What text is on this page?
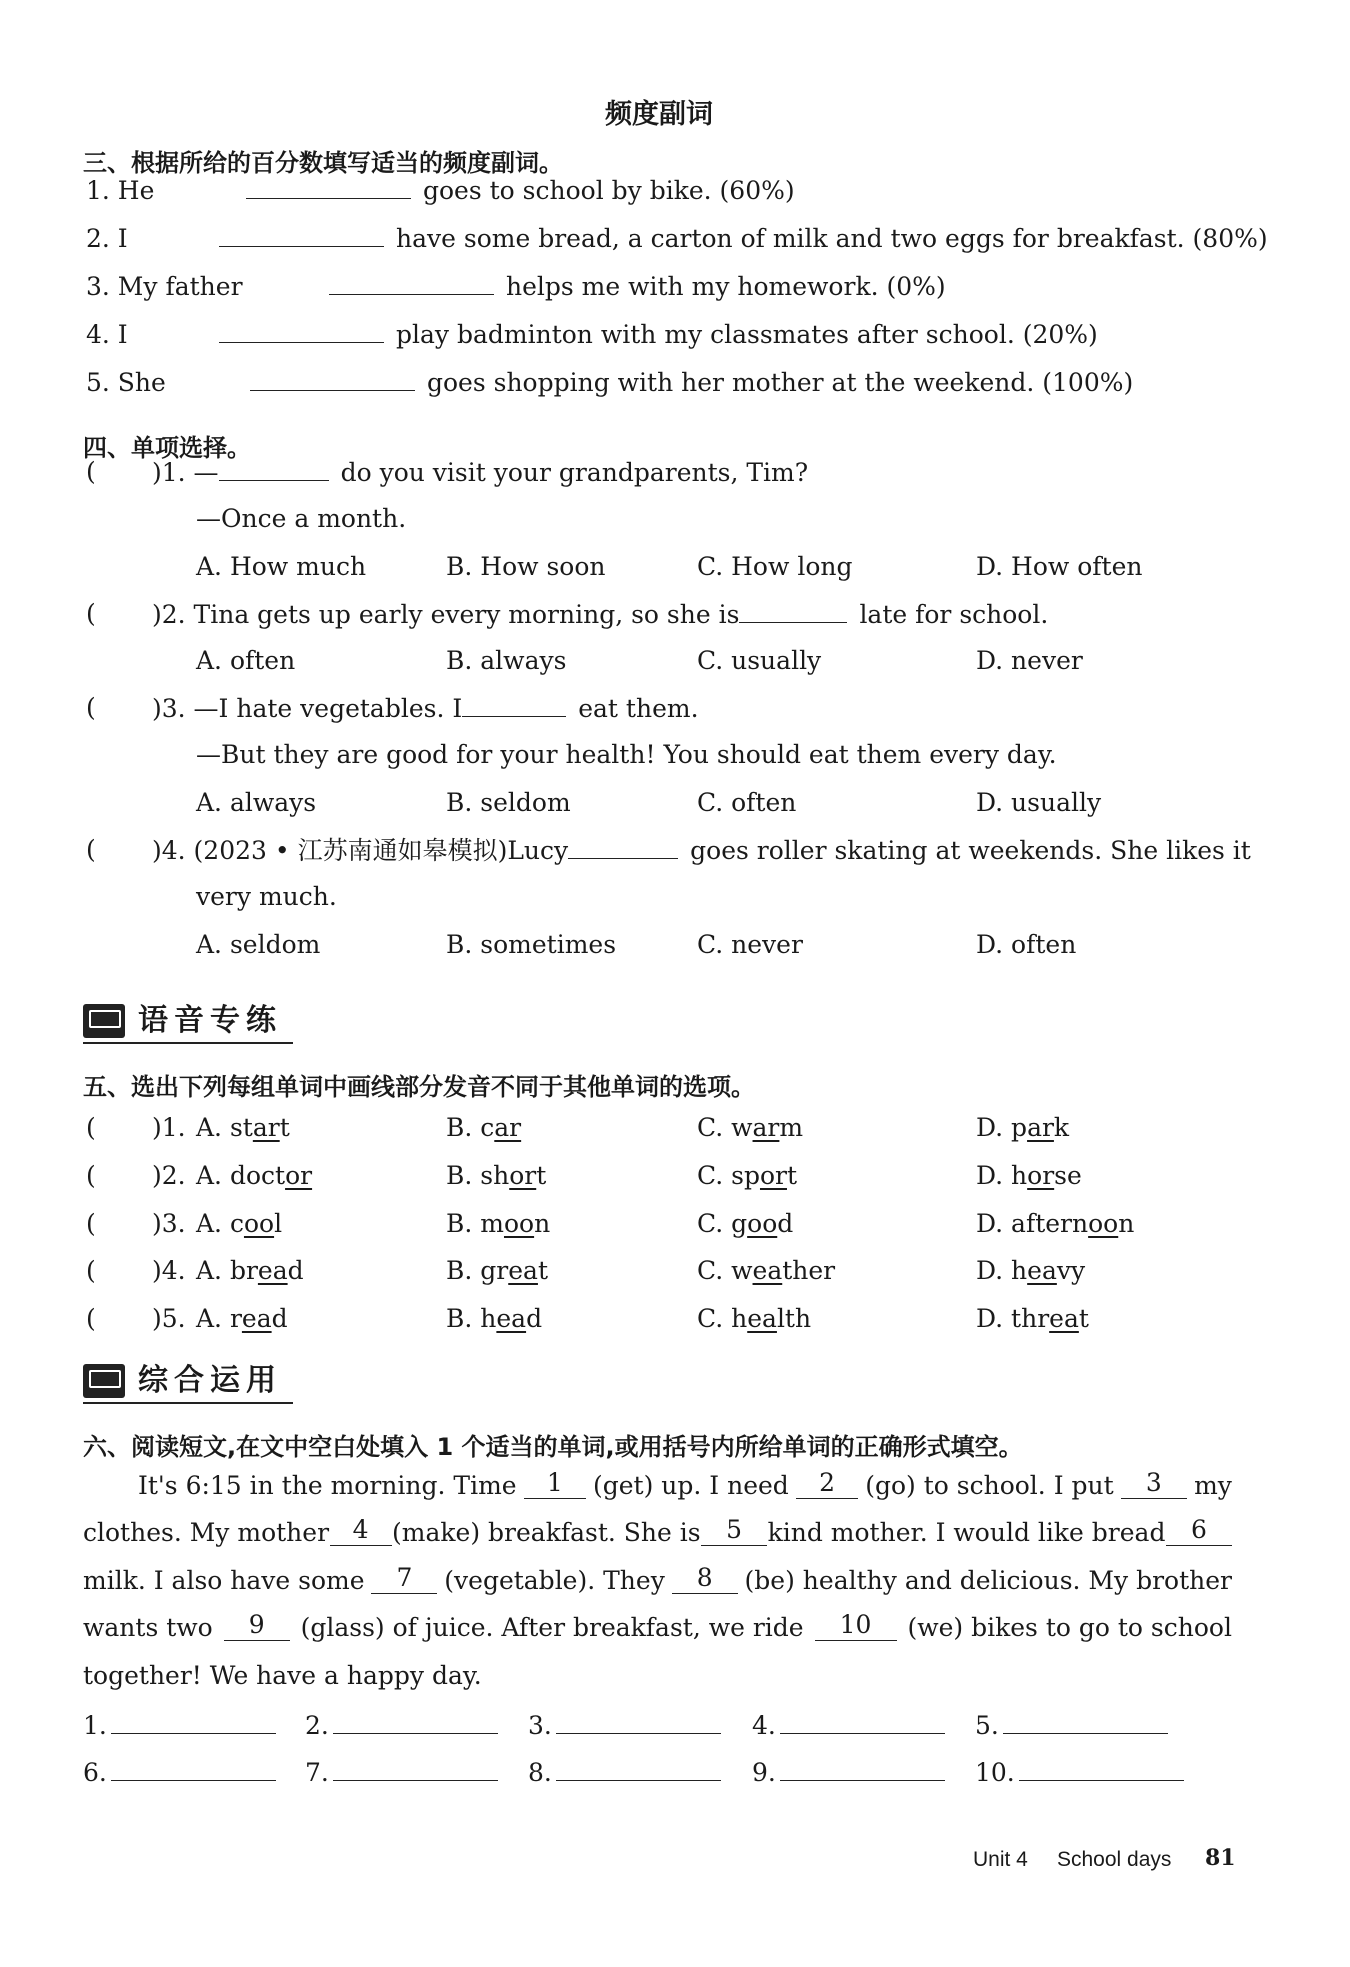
频度副词
三、根据所给的百分数填写适当的频度副词。
1. He	goes to school by bike. (60%)
2. I	have some bread, a carton of milk and two eggs for breakfast. (80%)
3. My father	helps me with my homework. (0%)
4. I	play badminton with my classmates after school. (20%)
5. She	goes shopping with her mother at the weekend. (100%)
四、单项选择。
( )1. —	do you visit your grandparents, Tim?
—Once a month.
A. How much	B. How soon	C. How long	D. How often
( )2. Tina gets up early every morning, so she is	late for school.
A. often	B. always	C. usually	D. never
( )3. —I hate vegetables. I	eat them.
—But they are good for your health! You should eat them every day.
A. always	B. seldom	C. often	D. usually
( )4. (2023 • 江苏南通如皋模拟)Lucy	goes roller skating at weekends. She likes it
very much.
A. seldom	B. sometimes	C. never	D. often
语音专练
五、选出下列每组单词中画线部分发音不同于其他单词的选项。
( )1. A. start	B. car	C. warm	D. park
( )2. A. doctor	B. short	C. sport	D. horse
( )3. A. cool	B. moon	C. good	D. afternoon
( )4. A. bread	B. great	C. weather	D. heavy
( )5. A. read	B. head	C. health	D. threat
综合运用
六、阅读短文,在文中空白处填入 1 个适当的单词,或用括号内所给单词的正确形式填空。
It's 6:15 in the morning. Time	1	(get) up. I need	2	(go) to school. I put	3	my
clothes. My mother 4 (make) breakfast. She is	5	kind mother. I would like bread	6
milk. I also have some	7	(vegetable). They	8	(be) healthy and delicious. My brother
wants two	9	(glass) of juice. After breakfast, we ride	10	(we) bikes to go to school
together! We have a happy day.
1.	2.	3.	4.	5.
6.	7.	8.	9.	10.
Unit 4 School days 81
